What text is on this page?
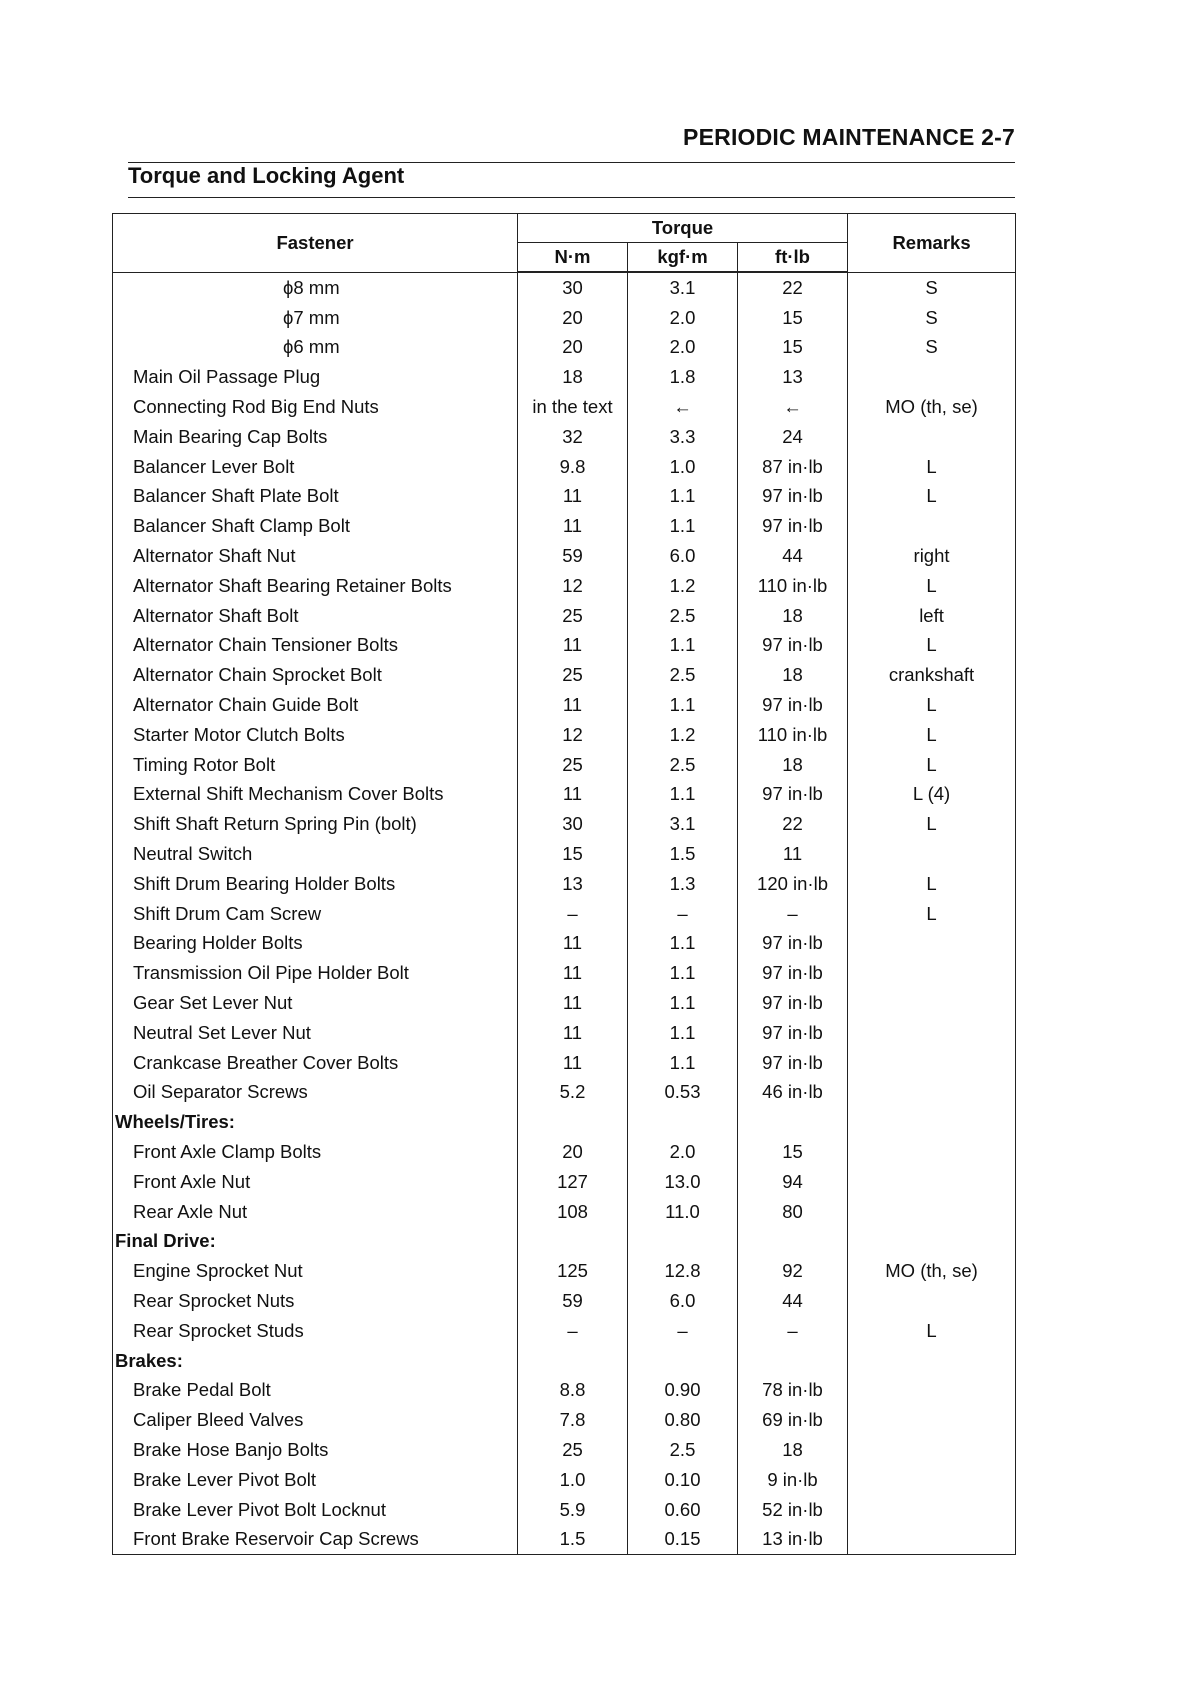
PERIODIC MAINTENANCE 2-7
Torque and Locking Agent
Fastener	Torque			Remarks
	N·m	kgf·m	ft·lb	
ϕ8 mm	30	3.1	22	S
ϕ7 mm	20	2.0	15	S
ϕ6 mm	20	2.0	15	S
Main Oil Passage Plug	18	1.8	13	
Connecting Rod Big End Nuts	in the text	←	←	MO (th, se)
Main Bearing Cap Bolts	32	3.3	24	
Balancer Lever Bolt	9.8	1.0	87 in·lb	L
Balancer Shaft Plate Bolt	11	1.1	97 in·lb	L
Balancer Shaft Clamp Bolt	11	1.1	97 in·lb	
Alternator Shaft Nut	59	6.0	44	right
Alternator Shaft Bearing Retainer Bolts	12	1.2	110 in·lb	L
Alternator Shaft Bolt	25	2.5	18	left
Alternator Chain Tensioner Bolts	11	1.1	97 in·lb	L
Alternator Chain Sprocket Bolt	25	2.5	18	crankshaft
Alternator Chain Guide Bolt	11	1.1	97 in·lb	L
Starter Motor Clutch Bolts	12	1.2	110 in·lb	L
Timing Rotor Bolt	25	2.5	18	L
External Shift Mechanism Cover Bolts	11	1.1	97 in·lb	L (4)
Shift Shaft Return Spring Pin (bolt)	30	3.1	22	L
Neutral Switch	15	1.5	11	
Shift Drum Bearing Holder Bolts	13	1.3	120 in·lb	L
Shift Drum Cam Screw	–	–	–	L
Bearing Holder Bolts	11	1.1	97 in·lb	
Transmission Oil Pipe Holder Bolt	11	1.1	97 in·lb	
Gear Set Lever Nut	11	1.1	97 in·lb	
Neutral Set Lever Nut	11	1.1	97 in·lb	
Crankcase Breather Cover Bolts	11	1.1	97 in·lb	
Oil Separator Screws	5.2	0.53	46 in·lb	
Wheels/Tires:				
Front Axle Clamp Bolts	20	2.0	15	
Front Axle Nut	127	13.0	94	
Rear Axle Nut	108	11.0	80	
Final Drive:				
Engine Sprocket Nut	125	12.8	92	MO (th, se)
Rear Sprocket Nuts	59	6.0	44	
Rear Sprocket Studs	–	–	–	L
Brakes:				
Brake Pedal Bolt	8.8	0.90	78 in·lb	
Caliper Bleed Valves	7.8	0.80	69 in·lb	
Brake Hose Banjo Bolts	25	2.5	18	
Brake Lever Pivot Bolt	1.0	0.10	9 in·lb	
Brake Lever Pivot Bolt Locknut	5.9	0.60	52 in·lb	
Front Brake Reservoir Cap Screws	1.5	0.15	13 in·lb	
